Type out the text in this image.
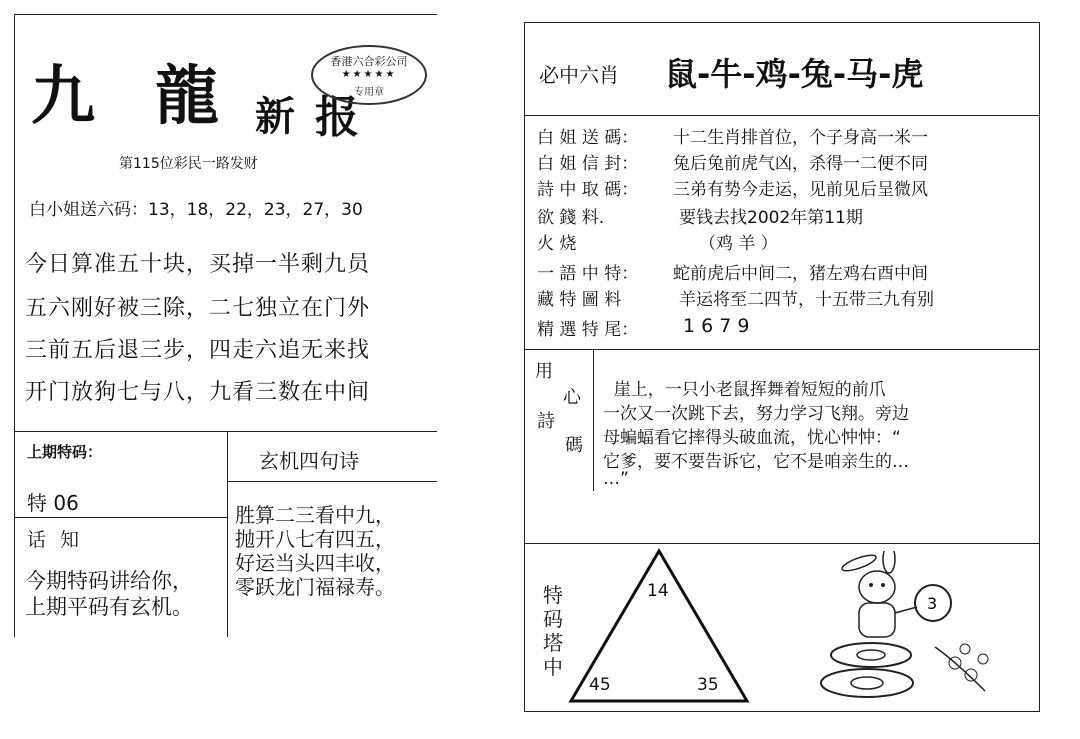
九 龍 新 报
香港六合彩公司
★★★★★
专用章
第115位彩民一路发财
白小姐送六码：13，18，22，23，27，30
今日算准五十块，买掉一半剩九员
五六刚好被三除，二七独立在门外
三前五后退三步，四走六追无来找
开门放狗七与八，九看三数在中间
上期特码：
特 06
话 知
今期特码讲给你，
上期平码有玄机。
玄机四句诗
胜算二三看中九，
抛开八七有四五，
好运当头四丰收，
零跃龙门福禄寿。
必中六肖 鼠-牛-鸡-兔-马-虎
白 姐 送 碼： 十二生肖排首位，个子身高一米一
白 姐 信 封： 兔后兔前虎气凶，杀得一二便不同
詩 中 取 碼： 三弟有势今走运，见前见后呈微风
欲 錢 料.	要钱去找2002年第11期
火 烧	（鸡 羊 ）
一 語 中 特： 蛇前虎后中间二，猪左鸡右酉中间
藏 特 圖 料	羊运将至二四节，十五带三九有别
精 選 特 尾： 1 6 7 9
用
心
詩
碼
崖上，一只小老鼠挥舞着短短的前爪
一次又一次跳下去，努力学习飞翔。旁边
母蝙蝠看它摔得头破血流，忧心忡忡：“
它爹，要不要告诉它，它不是咱亲生的…
…”
特
码
塔
中
14
45	35
3
